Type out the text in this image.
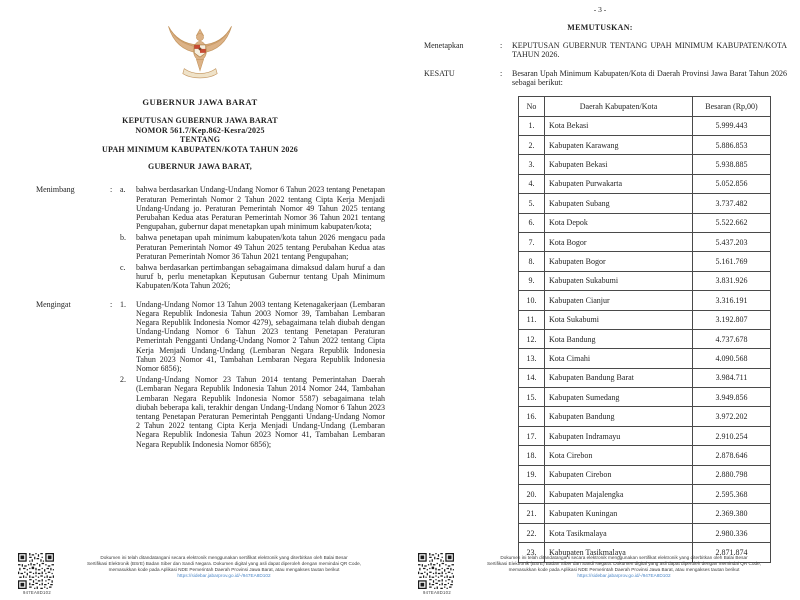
GUBERNUR JAWA BARAT
KEPUTUSAN GUBERNUR JAWA BARAT
NOMOR 561.7/Kep.862-Kesra/2025
TENTANG
UPAH MINIMUM KABUPATEN/KOTA TAHUN 2026
GUBERNUR JAWA BARAT,
Menimbang	: a.	bahwa berdasarkan Undang-Undang Nomor 6 Tahun 2023 tentang Penetapan Peraturan Pemerintah Nomor 2 Tahun 2022 tentang Cipta Kerja Menjadi Undang-Undang jo. Peraturan Pemerintah Nomor 49 Tahun 2025 tentang Perubahan Kedua atas Peraturan Pemerintah Nomor 36 Tahun 2021 tentang Pengupahan, gubernur dapat menetapkan upah minimum kabupaten/kota;
b.	bahwa penetapan upah minimum kabupaten/kota tahun 2026 mengacu pada Peraturan Pemerintah Nomor 49 Tahun 2025 tentang Perubahan Kedua atas Peraturan Pemerintah Nomor 36 Tahun 2021 tentang Pengupahan;
c.	bahwa berdasarkan pertimbangan sebagaimana dimaksud dalam huruf a dan huruf b, perlu menetapkan Keputusan Gubernur tentang Upah Minimum Kabupaten/Kota Tahun 2026;
Mengingat	: 1.	Undang-Undang Nomor 13 Tahun 2003 tentang Ketenagakerjaan (Lembaran Negara Republik Indonesia Tahun 2003 Nomor 39, Tambahan Lembaran Negara Republik Indonesia Nomor 4279), sebagaimana telah diubah dengan Undang-Undang Nomor 6 Tahun 2023 tentang Penetapan Peraturan Pemerintah Pengganti Undang-Undang Nomor 2 Tahun 2022 tentang Cipta Kerja Menjadi Undang-Undang (Lembaran Negara Republik Indonesia Tahun 2023 Nomor 41, Tambahan Lembaran Negara Republik Indonesia Nomor 6856);
2.	Undang-Undang Nomor 23 Tahun 2014 tentang Pemerintahan Daerah (Lembaran Negara Republik Indonesia Tahun 2014 Nomor 244, Tambahan Lembaran Negara Republik Indonesia Nomor 5587) sebagaimana telah diubah beberapa kali, terakhir dengan Undang-Undang Nomor 6 Tahun 2023 tentang Penetapan Peraturan Pemerintah Pengganti Undang-Undang Nomor 2 Tahun 2022 tentang Cipta Kerja Menjadi Undang-Undang (Lembaran Negara Republik Indonesia Tahun 2023 Nomor 41, Tambahan Lembaran Negara Republik Indonesia Nomor 6856);
947EA8D102
Dokumen ini telah ditandatangani secara elektronik menggunakan sertifikat elektronik yang diterbitkan oleh Balai Besar
Sertifikasi Elektronik (BSrE) Badan Siber dan Sandi Negara. Dokumen digital yang asli dapat diperoleh dengan memindai QR Code,
memasukkan kode pada Aplikasi NDE Pemerintah Daerah Provinsi Jawa Barat, atau mengakses tautan berikut
https://sidebar.jabarprov.go.id/-/947EA8D102
- 3 -
MEMUTUSKAN:
Menetapkan	:	KEPUTUSAN GUBERNUR TENTANG UPAH MINIMUM KABUPATEN/KOTA TAHUN 2026.
KESATU	:	Besaran Upah Minimum Kabupaten/Kota di Daerah Provinsi Jawa Barat Tahun 2026 sebagai berikut:
No	Daerah Kabupaten/Kota	Besaran (Rp,00)
1.	Kota Bekasi	5.999.443
2.	Kabupaten Karawang	5.886.853
3.	Kabupaten Bekasi	5.938.885
4.	Kabupaten Purwakarta	5.052.856
5.	Kabupaten Subang	3.737.482
6.	Kota Depok	5.522.662
7.	Kota Bogor	5.437.203
8.	Kabupaten Bogor	5.161.769
9.	Kabupaten Sukabumi	3.831.926
10.	Kabupaten Cianjur	3.316.191
11.	Kota Sukabumi	3.192.807
12.	Kota Bandung	4.737.678
13.	Kota Cimahi	4.090.568
14.	Kabupaten Bandung Barat	3.984.711
15.	Kabupaten Sumedang	3.949.856
16.	Kabupaten Bandung	3.972.202
17.	Kabupaten Indramayu	2.910.254
18.	Kota Cirebon	2.878.646
19.	Kabupaten Cirebon	2.880.798
20.	Kabupaten Majalengka	2.595.368
21.	Kabupaten Kuningan	2.369.380
22.	Kota Tasikmalaya	2.980.336
23.	Kabupaten Tasikmalaya	2.871.874
947EA8D102
Dokumen ini telah ditandatangani secara elektronik menggunakan sertifikat elektronik yang diterbitkan oleh Balai Besar
Sertifikasi Elektronik (BSrE) Badan Siber dan Sandi Negara. Dokumen digital yang asli dapat diperoleh dengan memindai QR Code,
memasukkan kode pada Aplikasi NDE Pemerintah Daerah Provinsi Jawa Barat, atau mengakses tautan berikut
https://sidebar.jabarprov.go.id/-/947EA8D102
